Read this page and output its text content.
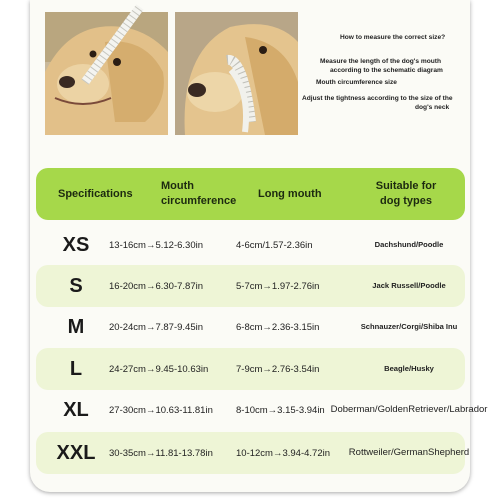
How to measure the correct size?
Measure the length of the dog's mouth
according to the schematic diagram
Mouth circumference size
Adjust the tightness according to the size of the
dog's neck
Specifications
Mouth
circumference
Long mouth
Suitable for
dog types
XS	13-16cm→5.12-6.30in	4-6cm/1.57-2.36in	Dachshund/Poodle
S	16-20cm→6.30-7.87in	5-7cm→1.97-2.76in	Jack Russell/Poodle
M	20-24cm→7.87-9.45in	6-8cm→2.36-3.15in	Schnauzer/Corgi/Shiba Inu
L	24-27cm→9.45-10.63in	7-9cm→2.76-3.54in	Beagle/Husky
XL	27-30cm→10.63-11.81in 8-10cm→3.15-3.94in Doberman/Golden Retriever/Labrador
XXL	30-35cm→11.81-13.78in 10-12cm→3.94-4.72in Rottweiler/German Shepherd
